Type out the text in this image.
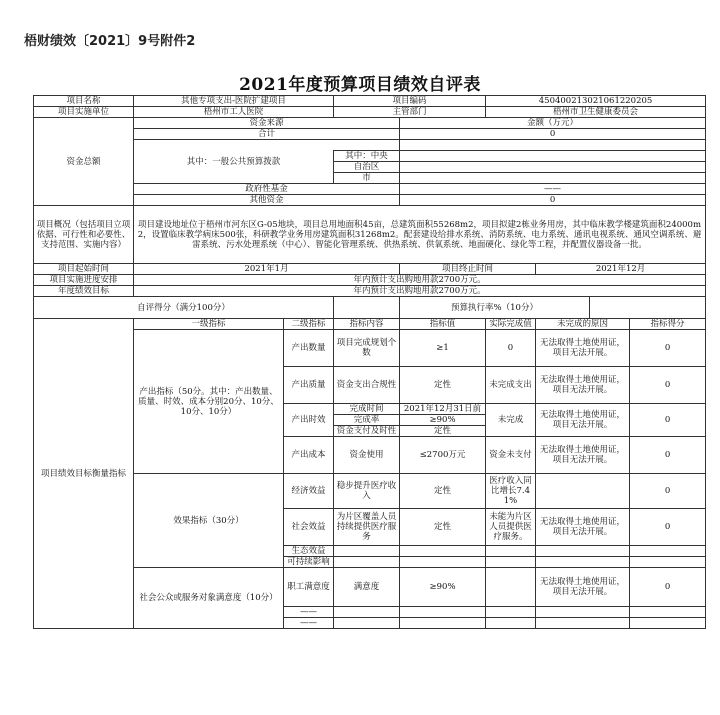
梧财绩效〔2021〕9号附件2
2021年度预算项目绩效自评表
项目名称	其他专项支出-医院扩建项目		项目编码		450400213021061220205			
项目实施单位	梧州市工人医院		主管部门		梧州市卫生健康委员会			
资金总额	资金来源			金额（万元）				
	合计			0				
	其中：一般公共预算拨款							
			其中：中央					
			自治区					
			市					
	政府性基金			——				
	其他资金			0				
项目概况（包括项目立项依据、可行性和必要性、支持范围、实施内容）	项目建设地址位于梧州市河东区G-05地块，项目总用地面积45亩，总建筑面积55268m2，项目拟建2栋业务用房，其中临床教学楼建筑面积24000m2，设置临床教学病床500张，科研教学业务用房建筑面积31268m2。配套建设给排水系统、消防系统、电力系统、通讯电视系统、通风空调系统、避雷系统、污水处理系统（中心）、智能化管理系统、供热系统、供氧系统、地面硬化、绿化等工程，并配置仪器设备一批。							
项目起始时间	2021年1月			项目终止时间		2021年12月		
项目实施进度安排	年内预计支出购地用款2700万元。							
年度绩效目标	年内预计支出购地用款2700万元。							
自评得分（满分100分）				预算执行率%（10分）				
项目绩效目标衡量指标	一级指标	二级指标	指标内容	指标值	实际完成值	未完成的原因		指标得分
	产出指标（50分。其中：产出数量、质量、时效、成本分别20分、10分、10分、10分）	产出数量	项目完成规划个数	≥1	0	无法取得土地使用证，项目无法开展。		0
		产出质量	资金支出合规性	定性	未完成支出	无法取得土地使用证，项目无法开展。		0
		产出时效	完成时间	2021年12月31日前	未完成	无法取得土地使用证，项目无法开展。		0
			完成率	≥90%				
			资金支付及时性	定性				
		产出成本	资金使用	≤2700万元	资金未支付	无法取得土地使用证，项目无法开展。		0
	效果指标（30分）	经济效益	稳步提升医疗收入	定性	医疗收入同比增长7.41%			0
		社会效益	为片区覆盖人员持续提供医疗服务	定性	未能为片区人员提供医疗服务。	无法取得土地使用证，项目无法开展。		0
		生态效益						
		可持续影响						
	社会公众或服务对象满意度（10分）	职工满意度	满意度	≥90%		无法取得土地使用证，项目无法开展。		0
		——						
		——						
